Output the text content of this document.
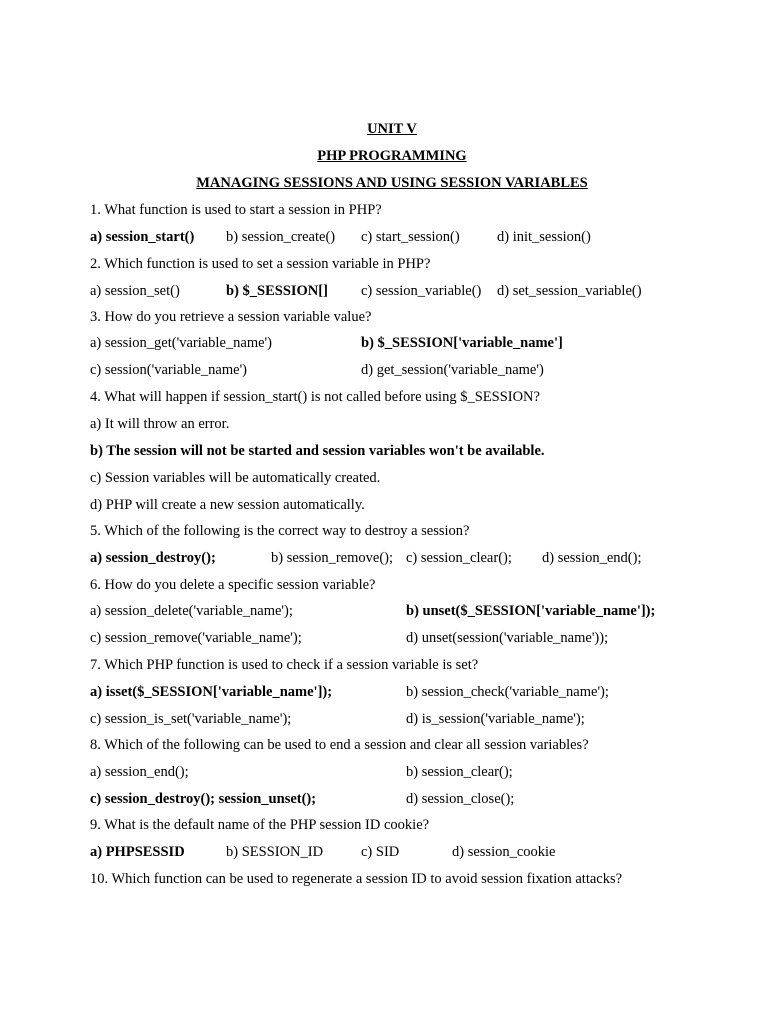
UNIT V
PHP PROGRAMMING
MANAGING SESSIONS AND USING SESSION VARIABLES
1. What function is used to start a session in PHP?
a) session_start() b) session_create() c) start_session()	d) init_session()
2. Which function is used to set a session variable in PHP?
a) session_set()	b) $_SESSION[] c) session_variable() d) set_session_variable()
3. How do you retrieve a session variable value?
a) session_get('variable_name')	b) $_SESSION['variable_name']
c) session('variable_name')	d) get_session('variable_name')
4. What will happen if session_start() is not called before using $_SESSION?
a) It will throw an error.
b) The session will not be started and session variables won't be available.
c) Session variables will be automatically created.
d) PHP will create a new session automatically.
5. Which of the following is the correct way to destroy a session?
a) session_destroy();	b) session_remove(); c) session_clear(); d) session_end();
6. How do you delete a specific session variable?
a) session_delete('variable_name');	b) unset($_SESSION['variable_name']);
c) session_remove('variable_name');	d) unset(session('variable_name'));
7. Which PHP function is used to check if a session variable is set?
a) isset($_SESSION['variable_name']);	b) session_check('variable_name');
c) session_is_set('variable_name');	d) is_session('variable_name');
8. Which of the following can be used to end a session and clear all session variables?
a) session_end();	b) session_clear();
c) session_destroy(); session_unset();	d) session_close();
9. What is the default name of the PHP session ID cookie?
a) PHPSESSID	b) SESSION_ID	c) SID	d) session_cookie
10. Which function can be used to regenerate a session ID to avoid session fixation attacks?
